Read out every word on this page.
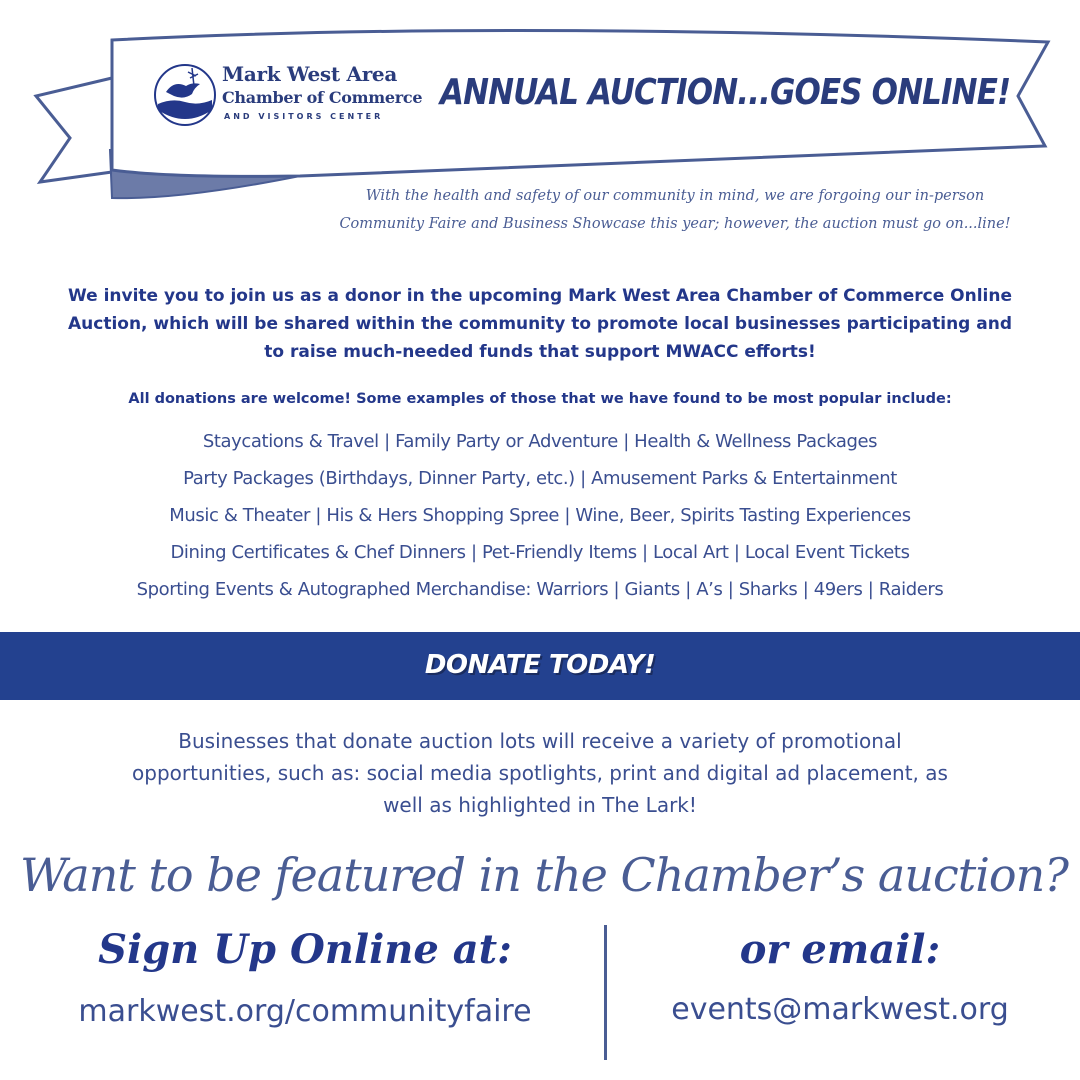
Mark West Area
Chamber of Commerce
AND VISITORS CENTER
ANNUAL AUCTION...GOES ONLINE!
With the health and safety of our community in mind, we are forgoing our in-person Community Faire and Business Showcase this year; however, the auction must go on...line!
We invite you to join us as a donor in the upcoming Mark West Area Chamber of Commerce Online Auction, which will be shared within the community to promote local businesses participating and to raise much-needed funds that support MWACC efforts!
All donations are welcome! Some examples of those that we have found to be most popular include:
Staycations & Travel | Family Party or Adventure | Health & Wellness Packages
Party Packages (Birthdays, Dinner Party, etc.) | Amusement Parks & Entertainment
Music & Theater | His & Hers Shopping Spree | Wine, Beer, Spirits Tasting Experiences
Dining Certificates & Chef Dinners | Pet-Friendly Items | Local Art | Local Event Tickets
Sporting Events & Autographed Merchandise: Warriors | Giants | A’s | Sharks | 49ers | Raiders
DONATE TODAY!
Businesses that donate auction lots will receive a variety of promotional opportunities, such as: social media spotlights, print and digital ad placement, as well as highlighted in The Lark!
Want to be featured in the Chamber’s auction?
Sign Up Online at:
markwest.org/communityfaire
or email:
events@markwest.org
